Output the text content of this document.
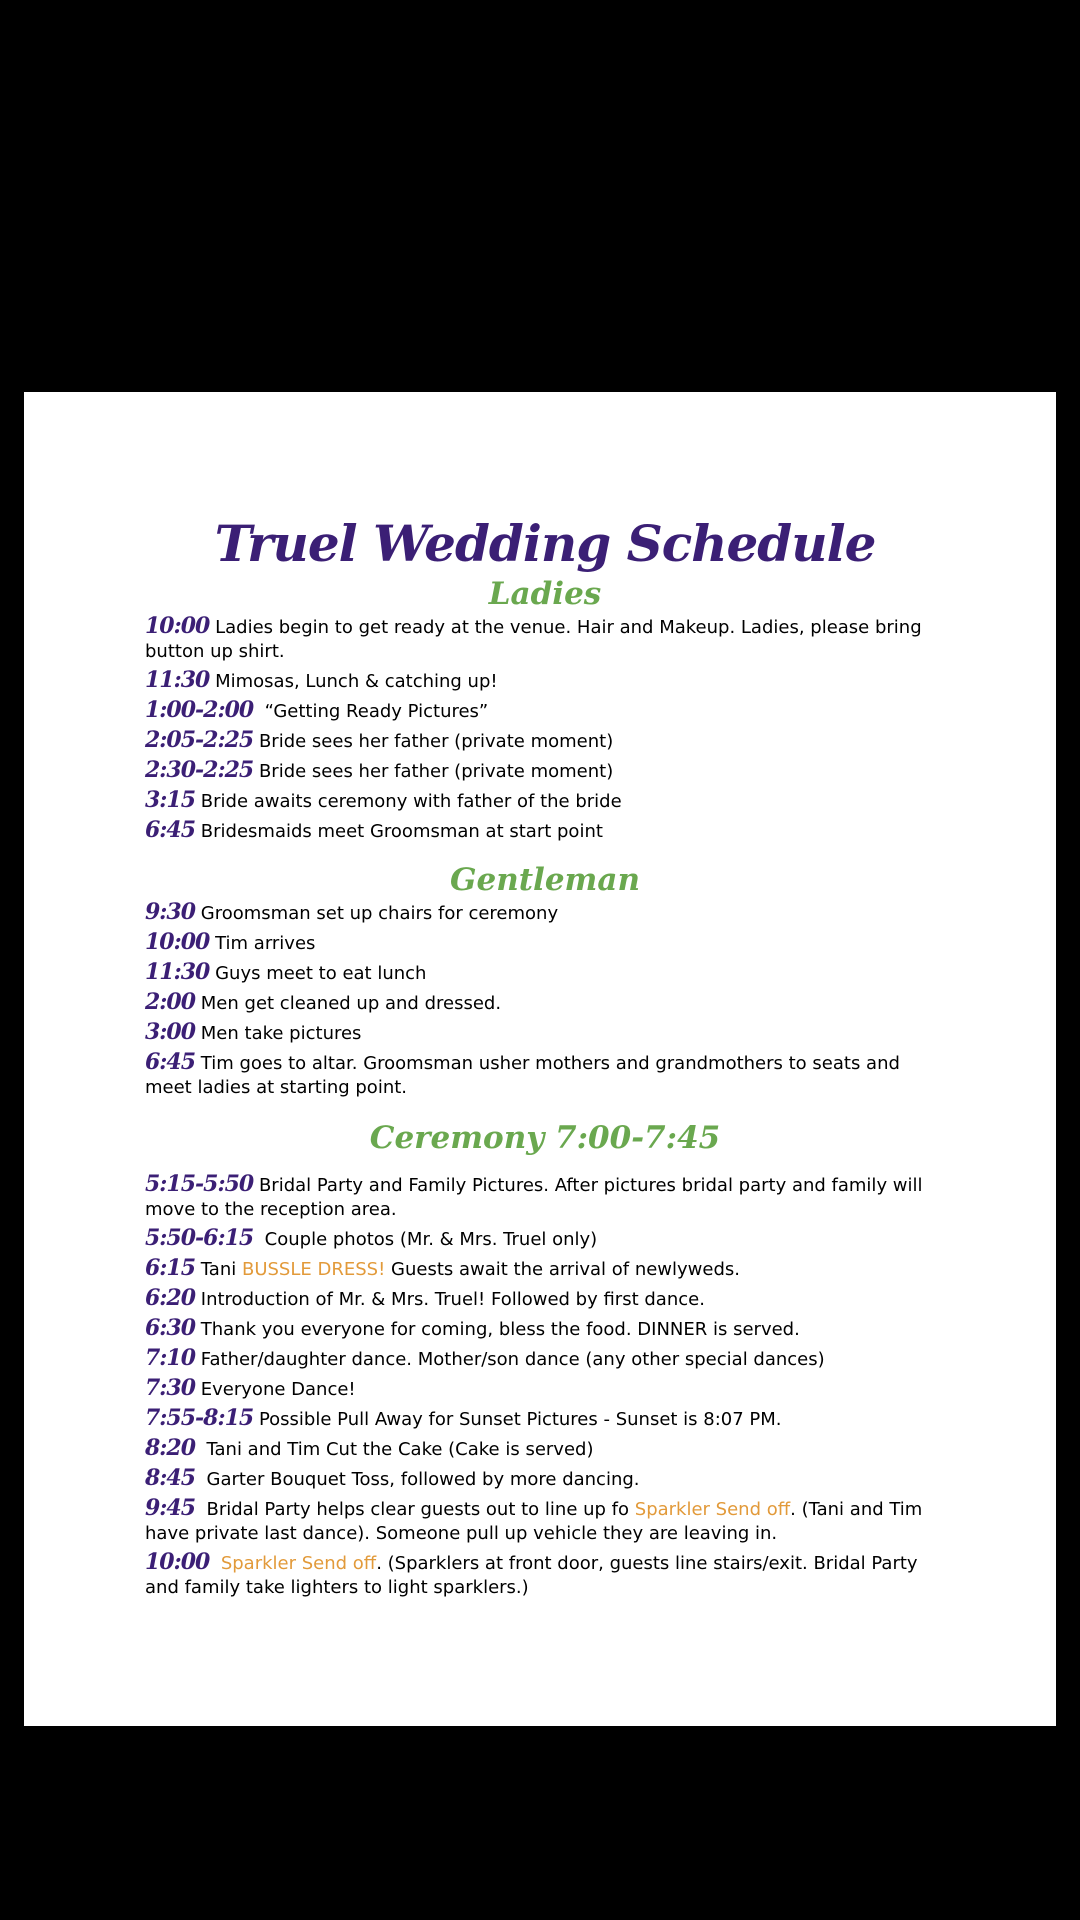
Truel Wedding Schedule
Ladies

10:00 Ladies begin to get ready at the venue. Hair and Makeup. Ladies, please bring button up shirt.

11:30 Mimosas, Lunch & catching up!

1:00-2:00 “Getting Ready Pictures”

2:05-2:25 Bride sees her father (private moment)

2:30-2:25 Bride sees her father (private moment)

3:15 Bride awaits ceremony with father of the bride

6:45 Bridesmaids meet Groomsman at start point

Gentleman

9:30 Groomsman set up chairs for ceremony

10:00 Tim arrives

11:30 Guys meet to eat lunch

2:00 Men get cleaned up and dressed.

3:00 Men take pictures

6:45 Tim goes to altar. Groomsman usher mothers and grandmothers to seats and meet ladies at starting point.

Ceremony 7:00-7:45

5:15-5:50 Bridal Party and Family Pictures. After pictures bridal party and family will move to the reception area.

5:50-6:15 Couple photos (Mr. & Mrs. Truel only)

6:15 Tani BUSSLE DRESS! Guests await the arrival of newlyweds.

6:20 Introduction of Mr. & Mrs. Truel! Followed by first dance.

6:30 Thank you everyone for coming, bless the food. DINNER is served.

7:10 Father/daughter dance. Mother/son dance (any other special dances)

7:30 Everyone Dance!

7:55-8:15 Possible Pull Away for Sunset Pictures - Sunset is 8:07 PM.

8:20 Tani and Tim Cut the Cake (Cake is served)

8:45 Garter Bouquet Toss, followed by more dancing.

9:45 Bridal Party helps clear guests out to line up fo Sparkler Send off. (Tani and Tim have private last dance). Someone pull up vehicle they are leaving in.

10:00 Sparkler Send off. (Sparklers at front door, guests line stairs/exit. Bridal Party and family take lighters to light sparklers.)
